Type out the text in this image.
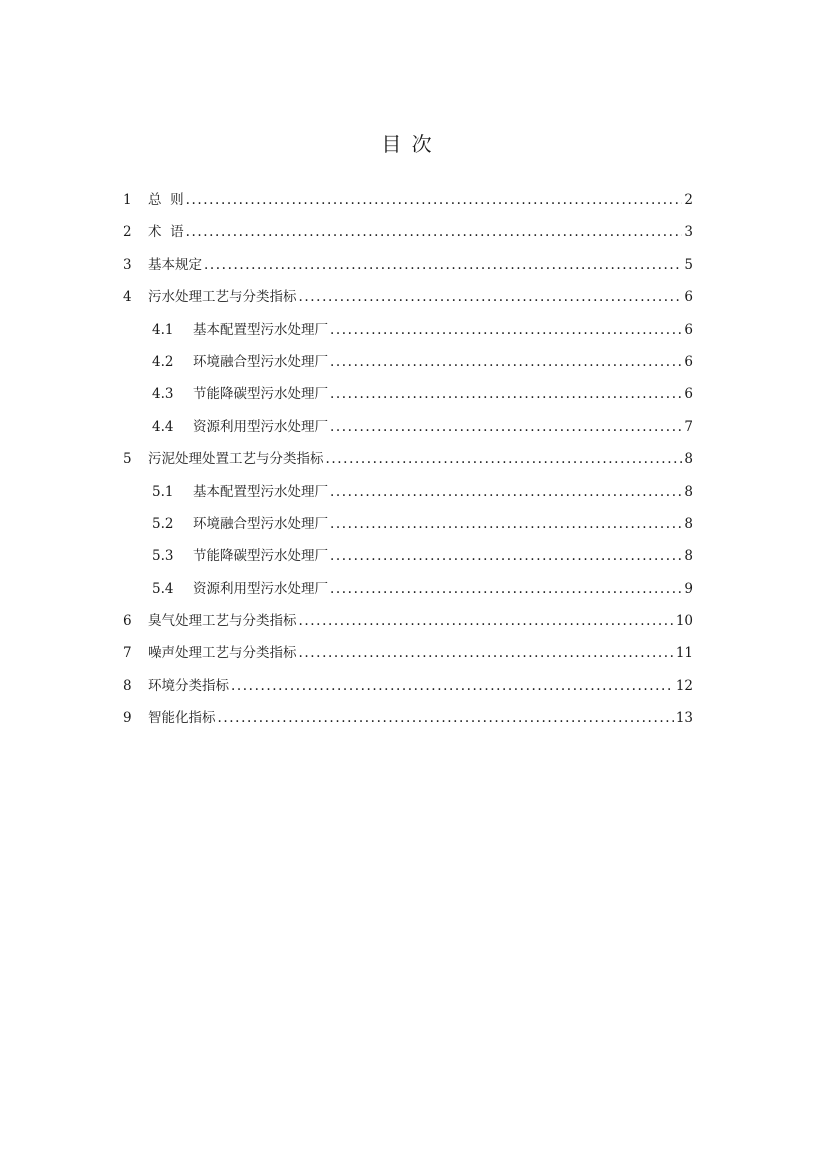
目 次
1	总  则 .....	2
2	术  语 .....	3
3	基本规定 .....	5
4	污水处理工艺与分类指标 .....	6
4.1	基本配置型污水处理厂 .....	6
4.2	环境融合型污水处理厂 .....	6
4.3	节能降碳型污水处理厂 .....	6
4.4	资源利用型污水处理厂 .....	7
5	污泥处理处置工艺与分类指标 .....	8
5.1	基本配置型污水处理厂 .....	8
5.2	环境融合型污水处理厂 .....	8
5.3	节能降碳型污水处理厂 .....	8
5.4	资源利用型污水处理厂 .....	9
6	臭气处理工艺与分类指标 .....	10
7	噪声处理工艺与分类指标 .....	11
8	环境分类指标 .....	12
9	智能化指标 .....	13
